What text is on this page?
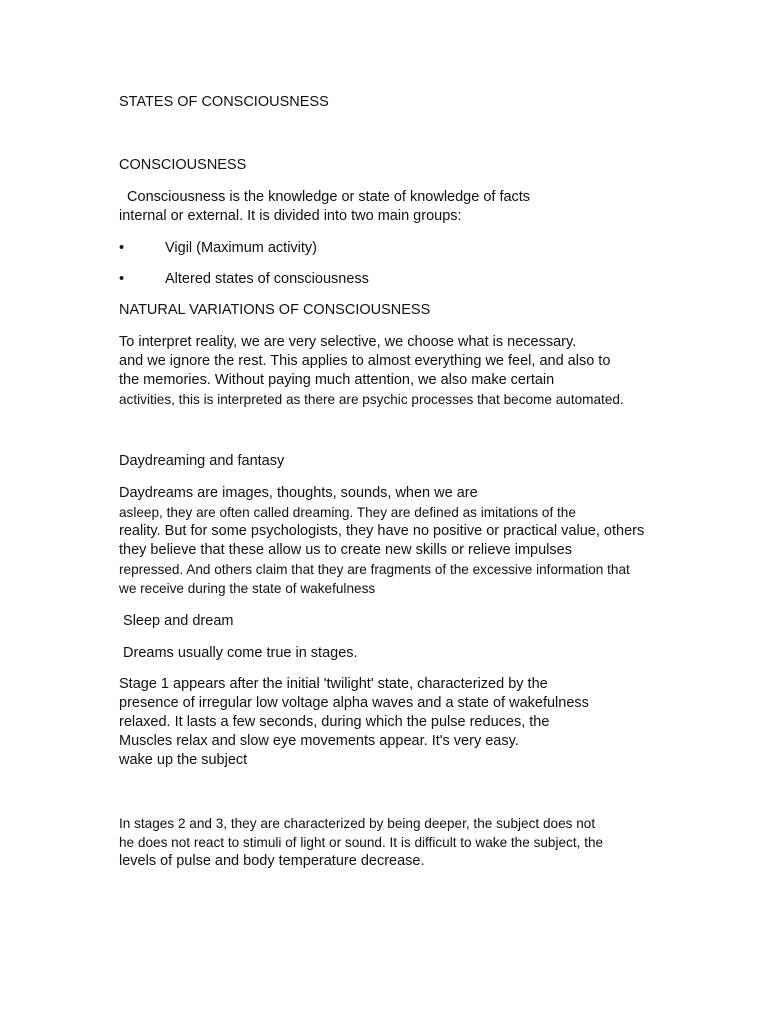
STATES OF CONSCIOUSNESS
CONSCIOUSNESS
Consciousness is the knowledge or state of knowledge of facts
internal or external. It is divided into two main groups:
•	Vigil (Maximum activity)
•	Altered states of consciousness
NATURAL VARIATIONS OF CONSCIOUSNESS
To interpret reality, we are very selective, we choose what is necessary.
and we ignore the rest. This applies to almost everything we feel, and also to
the memories. Without paying much attention, we also make certain
activities, this is interpreted as there are psychic processes that become automated.
Daydreaming and fantasy
Daydreams are images, thoughts, sounds, when we are
asleep, they are often called dreaming. They are defined as imitations of the
reality. But for some psychologists, they have no positive or practical value, others
they believe that these allow us to create new skills or relieve impulses
repressed. And others claim that they are fragments of the excessive information that
we receive during the state of wakefulness
Sleep and dream
Dreams usually come true in stages.
Stage 1 appears after the initial 'twilight' state, characterized by the
presence of irregular low voltage alpha waves and a state of wakefulness
relaxed. It lasts a few seconds, during which the pulse reduces, the
Muscles relax and slow eye movements appear. It's very easy.
wake up the subject
In stages 2 and 3, they are characterized by being deeper, the subject does not
he does not react to stimuli of light or sound. It is difficult to wake the subject, the
levels of pulse and body temperature decrease.
